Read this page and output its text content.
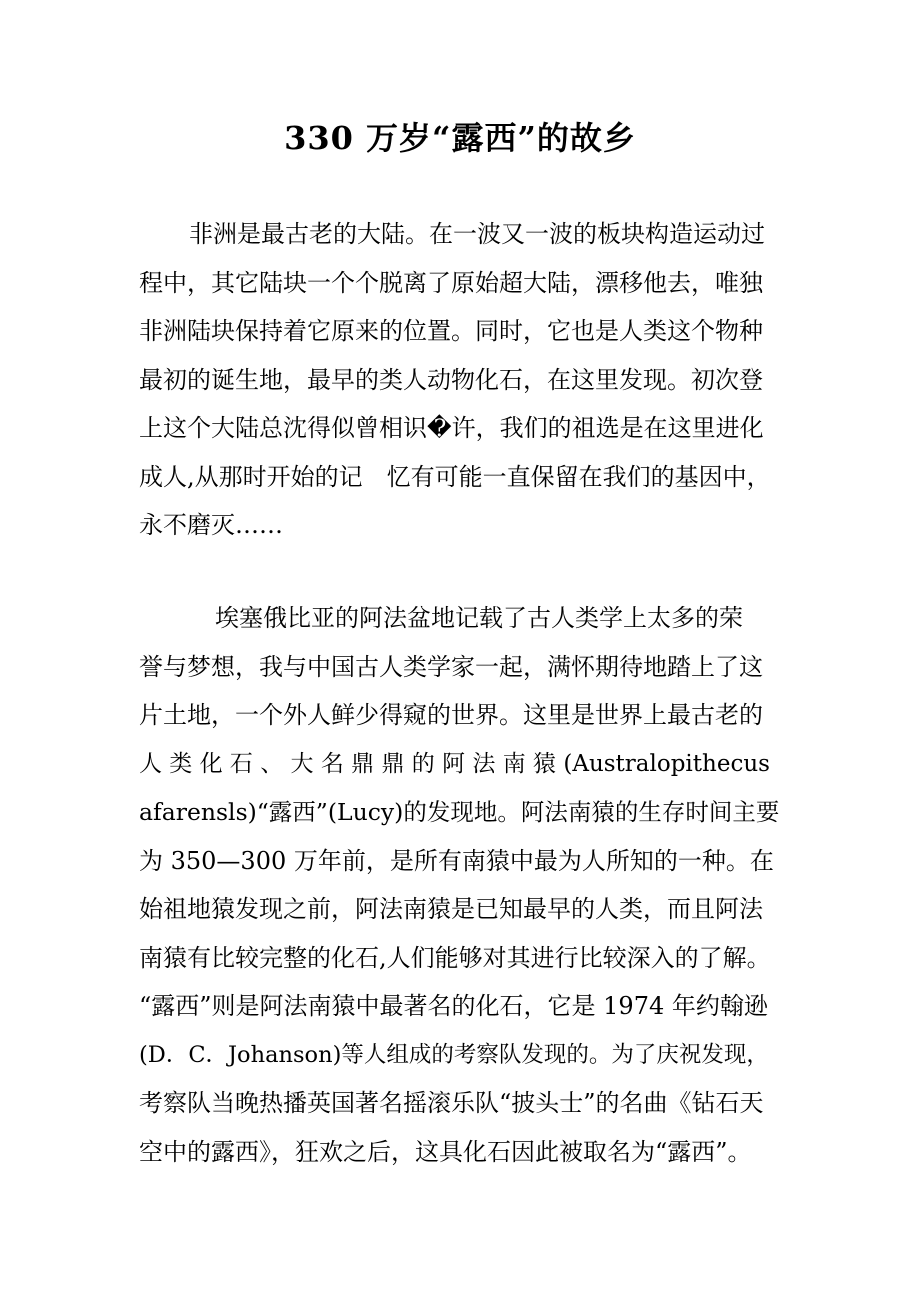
330 万岁“露西”的故乡
非洲是最古老的大陆。在一波又一波的板块构造运动过
程中，其它陆块一个个脱离了原始超大陆，漂移他去，唯独
非洲陆块保持着它原来的位置。同时，它也是人类这个物种
最初的诞生地，最早的类人动物化石，在这里发现。初次登
上这个大陆总沈得似曾相识�许，我们的祖选是在这里进化
成人,从那时开始的记　忆有可能一直保留在我们的基因中，
永不磨灭……
埃塞俄比亚的阿法盆地记载了古人类学上太多的荣
誉与梦想，我与中国古人类学家一起，满怀期待地踏上了这
片土地，一个外人鲜少得窥的世界。这里是世界上最古老的
人 类 化 石 、 大 名 鼎 鼎 的 阿 法 南 猿 (Australopithecus
afarensls)“露西”(Lucy)的发现地。阿法南猿的生存时间主要
为 350—300 万年前，是所有南猿中最为人所知的一种。在
始祖地猿发现之前，阿法南猿是已知最早的人类，而且阿法
南猿有比较完整的化石,人们能够对其进行比较深入的了解。
“露西”则是阿法南猿中最著名的化石，它是 1974 年约翰逊
(D．C．Johanson)等人组成的考察队发现的。为了庆祝发现，
考察队当晚热播英国著名摇滚乐队“披头士”的名曲《钻石天
空中的露西》，狂欢之后，这具化石因此被取名为“露西”。
